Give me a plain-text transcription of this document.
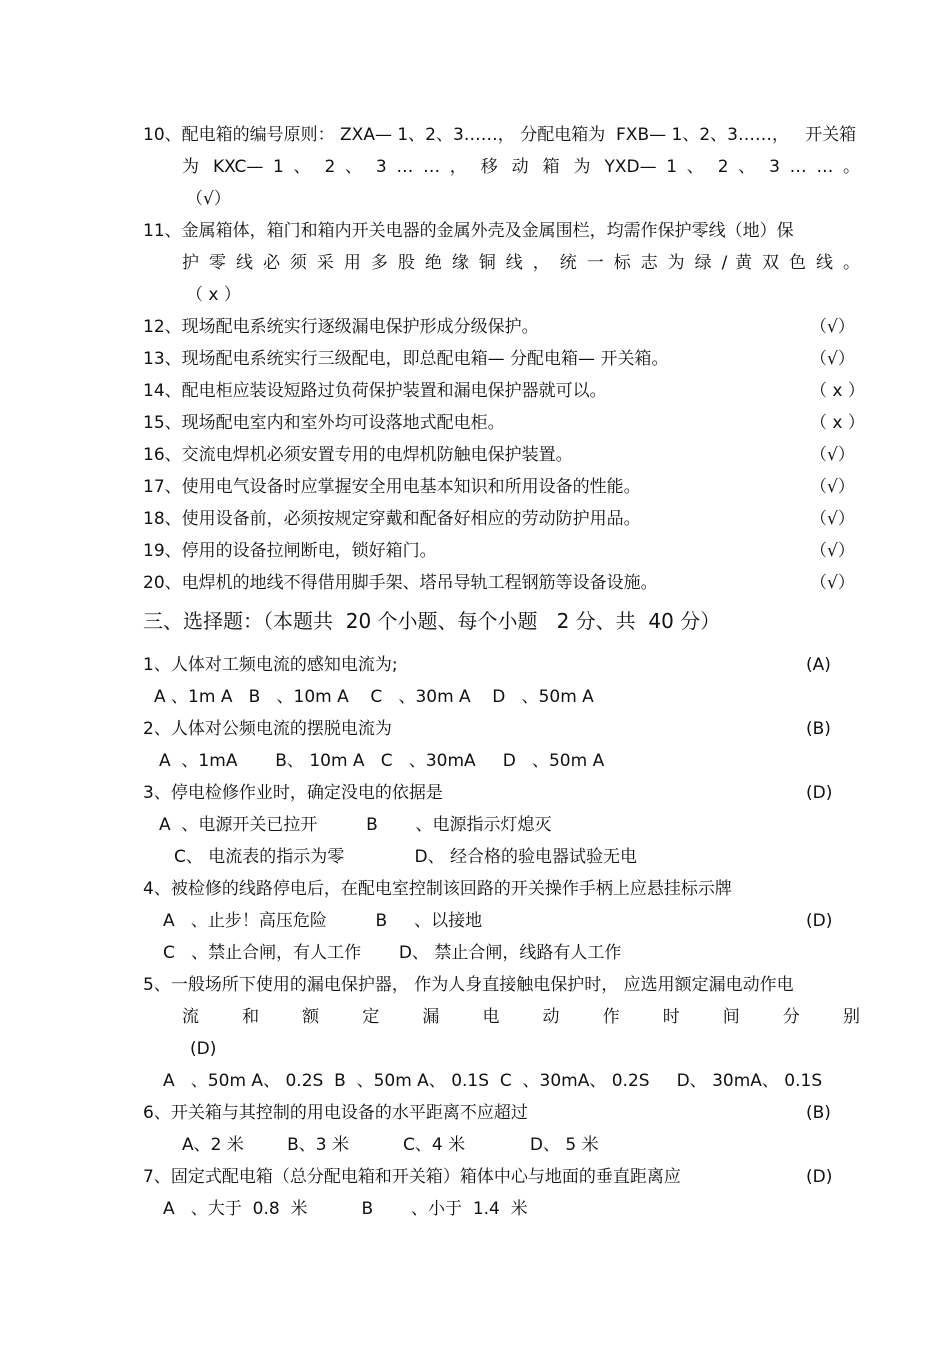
10、配电箱的编号原则： ZXA— 1、2、3……， 分配电箱为  FXB— 1、2、3……，   开关箱
为 KXC— 1 、 2 、 3 … … ， 移 动 箱 为 YXD— 1 、 2 、 3 … … 。
（√）
11、金属箱体，箱门和箱内开关电器的金属外壳及金属围栏，均需作保护零线（地）保
护 零 线 必 须 采 用 多 股 绝 缘 铜 线 ， 统 一 标 志 为 绿 / 黄 双 色 线 。
（ x ）
12、现场配电系统实行逐级漏电保护形成分级保护。	（√）
13、现场配电系统实行三级配电，即总配电箱— 分配电箱— 开关箱。	（√）
14、配电柜应装设短路过负荷保护装置和漏电保护器就可以。	（ x ）
15、现场配电室内和室外均可设落地式配电柜。	（ x ）
16、交流电焊机必须安置专用的电焊机防触电保护装置。	（√）
17、使用电气设备时应掌握安全用电基本知识和所用设备的性能。	（√）
18、使用设备前，必须按规定穿戴和配备好相应的劳动防护用品。	（√）
19、停用的设备拉闸断电，锁好箱门。	（√）
20、电焊机的地线不得借用脚手架、塔吊导轨工程钢筋等设备设施。	（√）
三、选择题：（本题共  20 个小题、每个小题   2 分、共  40 分）
1、人体对工频电流的感知电流为;	(A)
A 、1m A   B   、10m A    C   、30m A    D   、50m A
2、人体对公频电流的摆脱电流为	(B)
A  、1mA       B、 10m A   C   、30mA     D   、50m A
3、停电检修作业时，确定没电的依据是	(D)
A  、电源开关已拉开         B       、电源指示灯熄灭
C、 电流表的指示为零             D、 经合格的验电器试验无电
4、被检修的线路停电后，在配电室控制该回路的开关操作手柄上应悬挂标示牌
A   、止步！高压危险         B     、以接地	(D)
C   、禁止合闸，有人工作       D、 禁止合闸，线路有人工作
5、一般场所下使用的漏电保护器， 作为人身直接触电保护时， 应选用额定漏电动作电
流 和 额 定 漏 电 动 作 时 间 分 别
(D)
A   、50m A、 0.2S  B  、50m A、 0.1S  C  、30mA、 0.2S     D、 30mA、 0.1S
6、开关箱与其控制的用电设备的水平距离不应超过	(B)
A、2 米        B、3 米          C、4 米            D、 5 米
7、固定式配电箱（总分配电箱和开关箱）箱体中心与地面的垂直距离应	(D)
A   、大于  0.8  米          B       、小于  1.4  米
